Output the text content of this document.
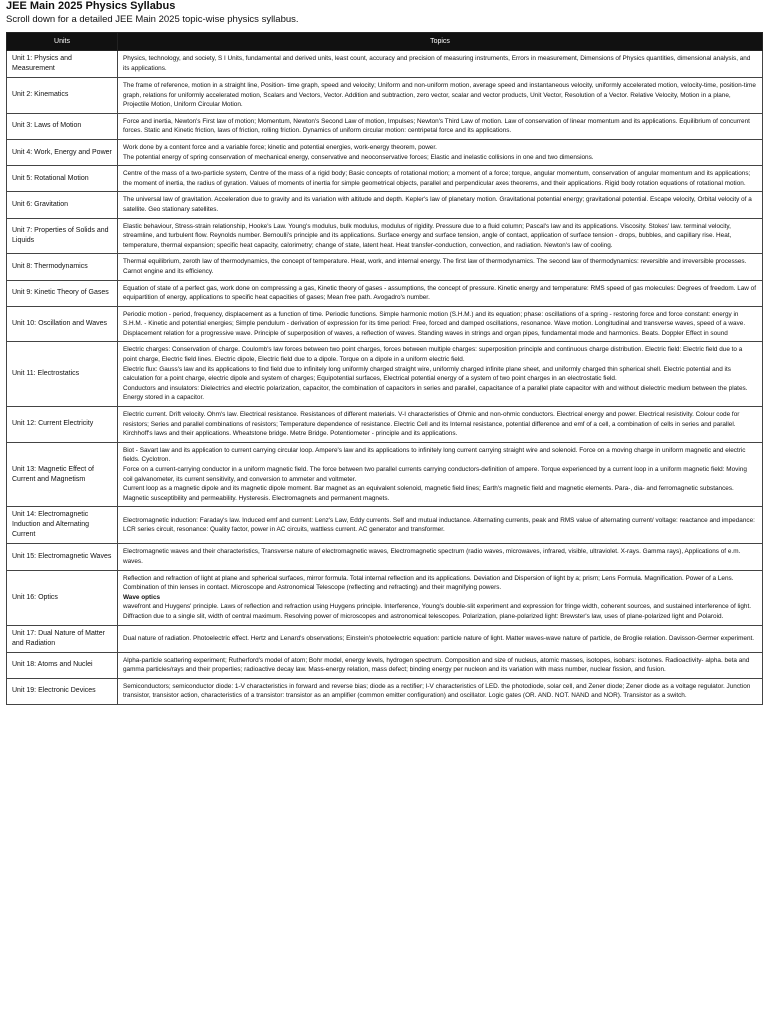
JEE Main 2025 Physics Syllabus
Scroll down for a detailed JEE Main 2025 topic-wise physics syllabus.
Units	Topics
Unit 1: Physics and Measurement	Physics, technology, and society, S I Units, fundamental and derived units, least count, accuracy and precision of measuring instruments, Errors in measurement, Dimensions of Physics quantities, dimensional analysis, and its applications.

Unit 2: Kinematics	The frame of reference, motion in a straight line, Position- time graph, speed and velocity; Uniform and non-uniform motion, average speed and instantaneous velocity, uniformly accelerated motion, velocity-time, position-time graph, relations for uniformly accelerated motion, Scalars and Vectors, Vector. Addition and subtraction, zero vector, scalar and vector products, Unit Vector, Resolution of a Vector. Relative Velocity, Motion in a plane, Projectile Motion, Uniform Circular Motion.

Unit 3: Laws of Motion	Force and inertia, Newton's First law of motion; Momentum, Newton's Second Law of motion, Impulses; Newton's Third Law of motion. Law of conservation of linear momentum and its applications. Equilibrium of concurrent forces. Static and Kinetic friction, laws of friction, rolling friction. Dynamics of uniform circular motion: centripetal force and its applications.

Unit 4: Work, Energy and Power	Work done by a content force and a variable force; kinetic and potential energies, work-energy theorem, power.
The potential energy of spring conservation of mechanical energy, conservative and neoconservative forces; Elastic and inelastic collisions in one and two dimensions.

Unit 5: Rotational Motion	Centre of the mass of a two-particle system, Centre of the mass of a rigid body; Basic concepts of rotational motion; a moment of a force; torque, angular momentum, conservation of angular momentum and its applications; the moment of inertia, the radius of gyration. Values of moments of inertia for simple geometrical objects, parallel and perpendicular axes theorems, and their applications. Rigid body rotation equations of rotational motion.

Unit 6: Gravitation	The universal law of gravitation. Acceleration due to gravity and its variation with altitude and depth. Kepler's law of planetary motion. Gravitational potential energy; gravitational potential. Escape velocity, Orbital velocity of a satellite. Geo stationary satellites.

Unit 7: Properties of Solids and Liquids	Elastic behaviour, Stress-strain relationship, Hooke's Law. Young's modulus, bulk modulus, modulus of rigidity. Pressure due to a fluid column; Pascal's law and its applications. Viscosity. Stokes' law. terminal velocity, streamline, and turbulent flow. Reynolds number. Bernoulli's principle and its applications. Surface energy and surface tension, angle of contact, application of surface tension - drops, bubbles, and capillary rise. Heat, temperature, thermal expansion; specific heat capacity, calorimetry; change of state, latent heat. Heat transfer-conduction, convection, and radiation. Newton's law of cooling.

Unit 8: Thermodynamics	Thermal equilibrium, zeroth law of thermodynamics, the concept of temperature. Heat, work, and internal energy. The first law of thermodynamics. The second law of thermodynamics: reversible and irreversible processes. Carnot engine and its efficiency.

Unit 9: Kinetic Theory of Gases	Equation of state of a perfect gas, work done on compressing a gas, Kinetic theory of gases - assumptions, the concept of pressure. Kinetic energy and temperature: RMS speed of gas molecules: Degrees of freedom. Law of equipartition of energy, applications to specific heat capacities of gases; Mean free path. Avogadro's number.

Unit 10: Oscillation and Waves	Periodic motion - period, frequency, displacement as a function of time. Periodic functions. Simple harmonic motion (S.H.M.) and its equation; phase: oscillations of a spring - restoring force and force constant: energy in S.H.M. - Kinetic and potential energies; Simple pendulum - derivation of expression for its time period: Free, forced and damped oscillations, resonance. Wave motion. Longitudinal and transverse waves, speed of a wave. Displacement relation for a progressive wave. Principle of superposition of waves, a reflection of waves. Standing waves in strings and organ pipes, fundamental mode and harmonics. Beats. Doppler Effect in sound

Unit 11: Electrostatics	Electric charges: Conservation of charge. Coulomb's law forces between two point charges, forces between multiple charges: superposition principle and continuous charge distribution. Electric field: Electric field due to a point charge, Electric field lines. Electric dipole, Electric field due to a dipole. Torque on a dipole in a uniform electric field.
Electric flux: Gauss's law and its applications to find field due to infinitely long uniformly charged straight wire, uniformly charged infinite plane sheet, and uniformly charged thin spherical shell. Electric potential and its calculation for a point charge, electric dipole and system of charges; Equipotential surfaces, Electrical potential energy of a system of two point charges in an electrostatic field.
Conductors and insulators: Dielectrics and electric polarization, capacitor, the combination of capacitors in series and parallel, capacitance of a parallel plate capacitor with and without dielectric medium between the plates. Energy stored in a capacitor.

Unit 12: Current Electricity	Electric current. Drift velocity. Ohm's law. Electrical resistance. Resistances of different materials. V-I characteristics of Ohmic and non-ohmic conductors. Electrical energy and power. Electrical resistivity. Colour code for resistors; Series and parallel combinations of resistors; Temperature dependence of resistance. Electric Cell and its Internal resistance, potential difference and emf of a cell, a combination of cells in series and parallel. Kirchhoff's laws and their applications. Wheatstone bridge. Metre Bridge. Potentiometer - principle and its applications.

Unit 13: Magnetic Effect of Current and Magnetism	Biot - Savart law and its application to current carrying circular loop. Ampere's law and its applications to infinitely long current carrying straight wire and solenoid. Force on a moving charge in uniform magnetic and electric fields. Cyclotron.
Force on a current-carrying conductor in a uniform magnetic field. The force between two parallel currents carrying conductors-definition of ampere. Torque experienced by a current loop in a uniform magnetic field: Moving coil galvanometer, its current sensitivity, and conversion to ammeter and voltmeter.
Current loop as a magnetic dipole and its magnetic dipole moment. Bar magnet as an equivalent solenoid, magnetic field lines; Earth's magnetic field and magnetic elements. Para-, dia- and ferromagnetic substances. Magnetic susceptibility and permeability. Hysteresis. Electromagnets and permanent magnets.

Unit 14: Electromagnetic Induction and Alternating Current	Electromagnetic induction: Faraday's law. Induced emf and current: Lenz's Law, Eddy currents. Self and mutual inductance. Alternating currents, peak and RMS value of alternating current/ voltage: reactance and impedance: LCR series circuit, resonance: Quality factor, power in AC circuits, wattless current. AC generator and transformer.

Unit 15: Electromagnetic Waves	Electromagnetic waves and their characteristics, Transverse nature of electromagnetic waves, Electromagnetic spectrum (radio waves, microwaves, infrared, visible, ultraviolet. X-rays. Gamma rays), Applications of e.m. waves.

Unit 16: Optics	Reflection and refraction of light at plane and spherical surfaces, mirror formula. Total internal reflection and its applications. Deviation and Dispersion of light by a; prism; Lens Formula. Magnification. Power of a Lens. Combination of thin lenses in contact. Microscope and Astronomical Telescope (reflecting and refracting) and their magnifying powers.
Wave optics
wavefront and Huygens' principle. Laws of reflection and refraction using Huygens principle. Interference, Young's double-slit experiment and expression for fringe width, coherent sources, and sustained interference of light. Diffraction due to a single slit, width of central maximum. Resolving power of microscopes and astronomical telescopes. Polarization, plane-polarized light: Brewster's law, uses of plane-polarized light and Polaroid.

Unit 17: Dual Nature of Matter and Radiation	Dual nature of radiation. Photoelectric effect. Hertz and Lenard's observations; Einstein's photoelectric equation: particle nature of light. Matter waves-wave nature of particle, de Broglie relation. Davisson-Germer experiment.

Unit 18: Atoms and Nuclei	Alpha-particle scattering experiment; Rutherford's model of atom; Bohr model, energy levels, hydrogen spectrum. Composition and size of nucleus, atomic masses, isotopes, isobars: isotones. Radioactivity- alpha. beta and gamma particles/rays and their properties; radioactive decay law. Mass-energy relation, mass defect; binding energy per nucleon and its variation with mass number, nuclear fission, and fusion.

Unit 19: Electronic Devices	Semiconductors; semiconductor diode: 1-V characteristics in forward and reverse bias; diode as a rectifier; I-V characteristics of LED. the photodiode, solar cell, and Zener diode; Zener diode as a voltage regulator. Junction transistor, transistor action, characteristics of a transistor: transistor as an amplifier (common emitter configuration) and oscillator. Logic gates (OR. AND. NOT. NAND and NOR). Transistor as a switch.
